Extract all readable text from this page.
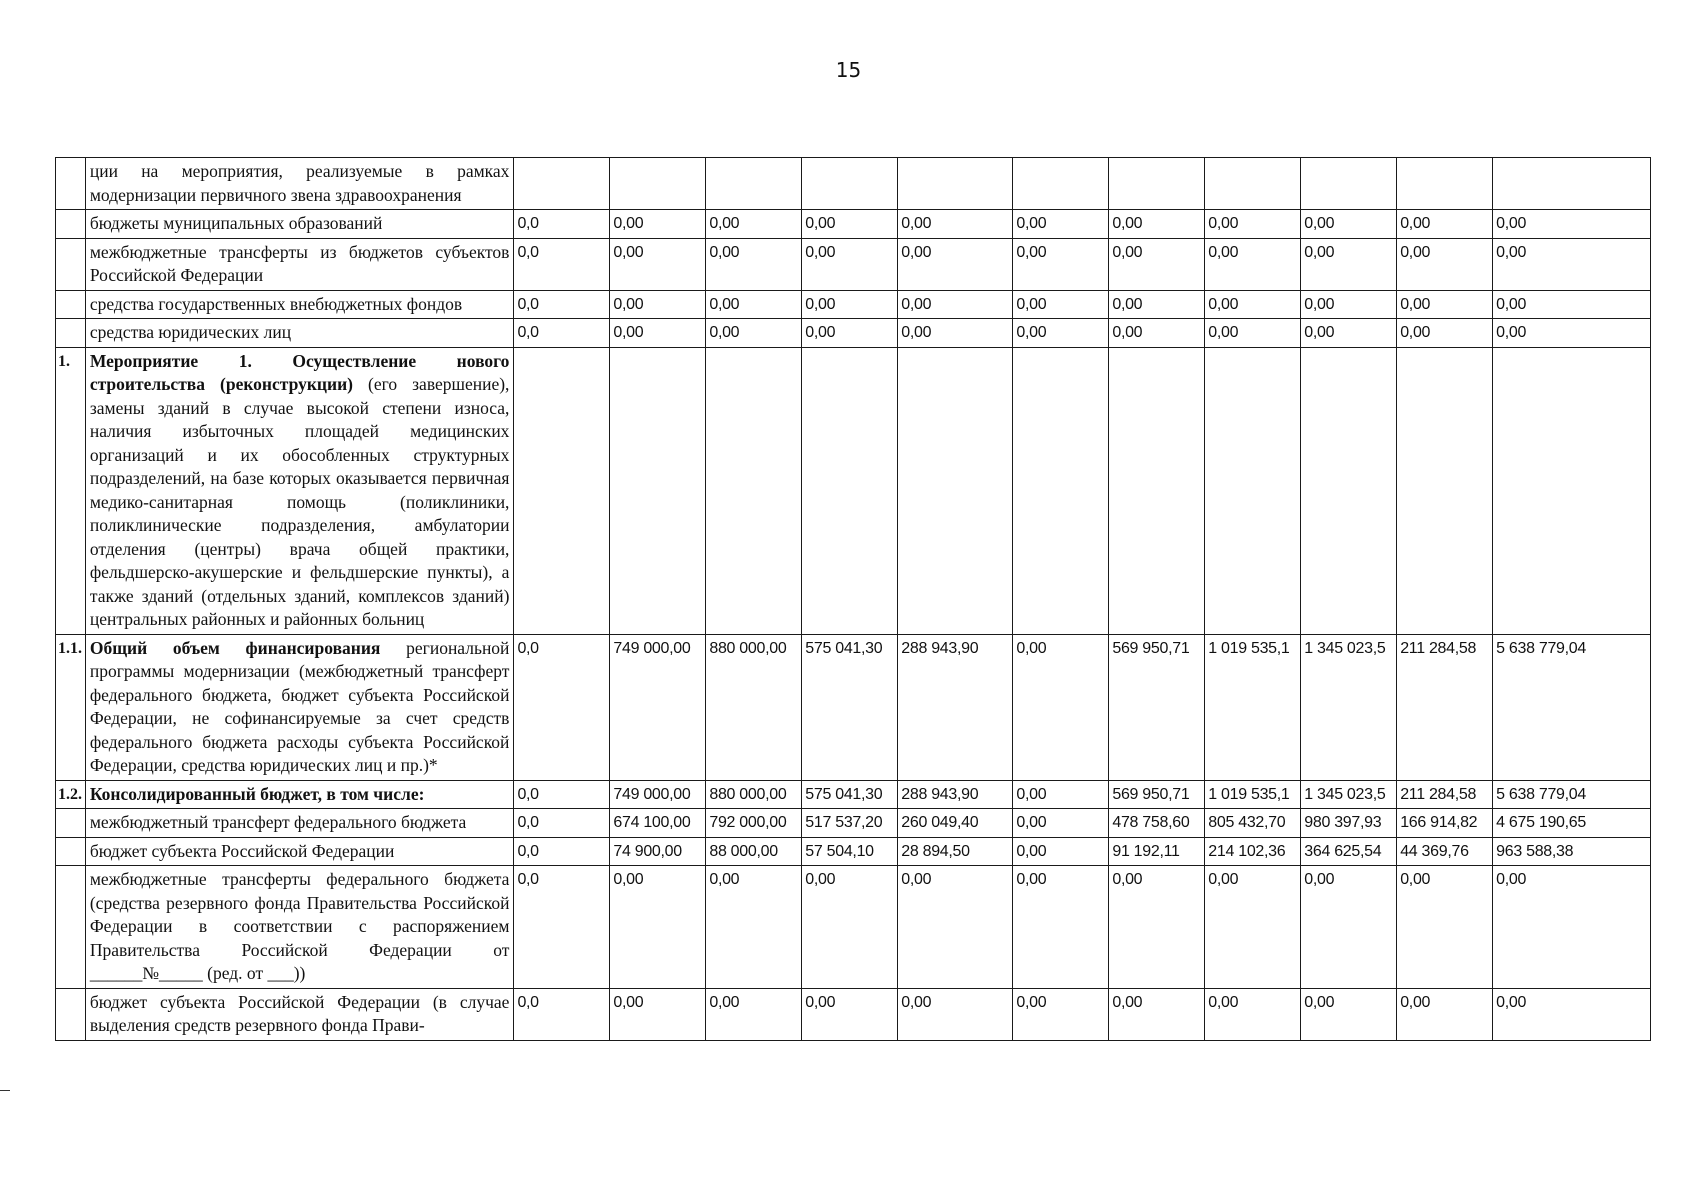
15
	ции на мероприятия, реализуемые в рамках модернизации первичного звена здравоохранения											
	бюджеты муниципальных образований	0,0	0,00	0,00	0,00	0,00	0,00	0,00	0,00	0,00	0,00	0,00
	межбюджетные трансферты из бюджетов субъектов Российской Федерации	0,0	0,00	0,00	0,00	0,00	0,00	0,00	0,00	0,00	0,00	0,00
	средства государственных внебюджетных фондов	0,0	0,00	0,00	0,00	0,00	0,00	0,00	0,00	0,00	0,00	0,00
	средства юридических лиц	0,0	0,00	0,00	0,00	0,00	0,00	0,00	0,00	0,00	0,00	0,00
1.	Мероприятие 1. Осуществление нового строительства (реконструкции) (его завершение), замены зданий в случае высокой степени износа, наличия избыточных площадей медицинских организаций и их обособленных структурных подразделений, на базе которых оказывается первичная медико-санитарная помощь (поликлиники, поликлинические подразделения, амбулатории отделения (центры) врача общей практики, фельдшерско-акушерские и фельдшерские пункты), а также зданий (отдельных зданий, комплексов зданий) центральных районных и районных больниц											
1.1.	Общий объем финансирования региональной программы модернизации (межбюджетный трансферт федерального бюджета, бюджет субъекта Российской Федерации, не софинансируемые за счет средств федерального бюджета расходы субъекта Российской Федерации, средства юридических лиц и пр.)*	0,0	749 000,00	880 000,00	575 041,30	288 943,90	0,00	569 950,71	1 019 535,1	1 345 023,5	211 284,58	5 638 779,04
1.2.	Консолидированный бюджет, в том числе:	0,0	749 000,00	880 000,00	575 041,30	288 943,90	0,00	569 950,71	1 019 535,1	1 345 023,5	211 284,58	5 638 779,04
	межбюджетный трансферт федерального бюджета	0,0	674 100,00	792 000,00	517 537,20	260 049,40	0,00	478 758,60	805 432,70	980 397,93	166 914,82	4 675 190,65
	бюджет субъекта Российской Федерации	0,0	74 900,00	88 000,00	57 504,10	28 894,50	0,00	91 192,11	214 102,36	364 625,54	44 369,76	963 588,38
	межбюджетные трансферты федерального бюджета (средства резервного фонда Правительства Российской Федерации в соответствии с распоряжением Правительства Российской Федерации от ______№_____ (ред. от ___))	0,0	0,00	0,00	0,00	0,00	0,00	0,00	0,00	0,00	0,00	0,00
	бюджет субъекта Российской Федерации (в случае выделения средств резервного фонда Прави-	0,0	0,00	0,00	0,00	0,00	0,00	0,00	0,00	0,00	0,00	0,00
